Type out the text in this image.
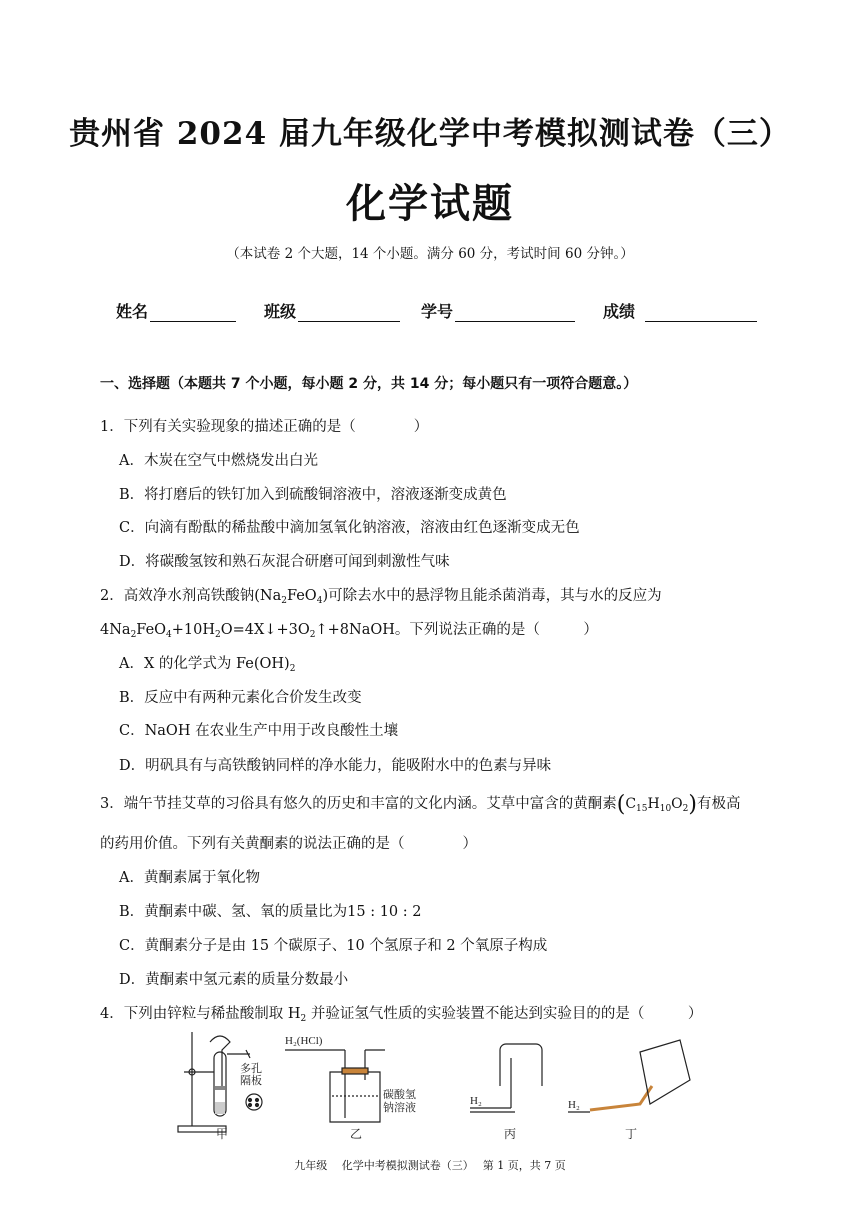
贵州省 2024 届九年级化学中考模拟测试卷（三）
化学试题
（本试卷 2 个大题，14 个小题。满分 60 分，考试时间 60 分钟。）
姓名	班级	学号	成绩
一、选择题（本题共 7 个小题，每小题 2 分，共 14 分；每小题只有一项符合题意。）
1．下列有关实验现象的描述正确的是（　　　　）
A．木炭在空气中燃烧发出白光
B．将打磨后的铁钉加入到硫酸铜溶液中，溶液逐渐变成黄色
C．向滴有酚酞的稀盐酸中滴加氢氧化钠溶液，溶液由红色逐渐变成无色
D．将碳酸氢铵和熟石灰混合研磨可闻到刺激性气味
2．高效净水剂高铁酸钠$(Na_2FeO_4)$可除去水中的悬浮物且能杀菌消毒，其与水的反应为
$4Na_2FeO_4+10H_2O=4X↓+3O_2↑+8NaOH$。下列说法正确的是（　　　）
A．X 的化学式为 $Fe(OH)_2$
B．反应中有两种元素化合价发生改变
C．NaOH 在农业生产中用于改良酸性土壤
D．明矾具有与高铁酸钠同样的净水能力，能吸附水中的色素与异味
3．端午节挂艾草的习俗具有悠久的历史和丰富的文化内涵。艾草中富含的黄酮素$(C_{15}H_{10}O_2)$有极高
的药用价值。下列有关黄酮素的说法正确的是（　　　　）
A．黄酮素属于氧化物
B．黄酮素中碳、氢、氧的质量比为15 : 10 : 2
C．黄酮素分子是由 15 个碳原子、10 个氢原子和 2 个氧原子构成
D．黄酮素中氢元素的质量分数最小
4．下列由锌粒与稀盐酸制取 $H_2$ 并验证氢气性质的实验装置不能达到实验目的的是（　　　）
多孔
隔板
甲
H₂(HCl)
碳酸氢
钠溶液
乙
H₂
丙
H₂
丁
九年级　 化学中考模拟测试卷（三）　 第 1 页，共 7 页
